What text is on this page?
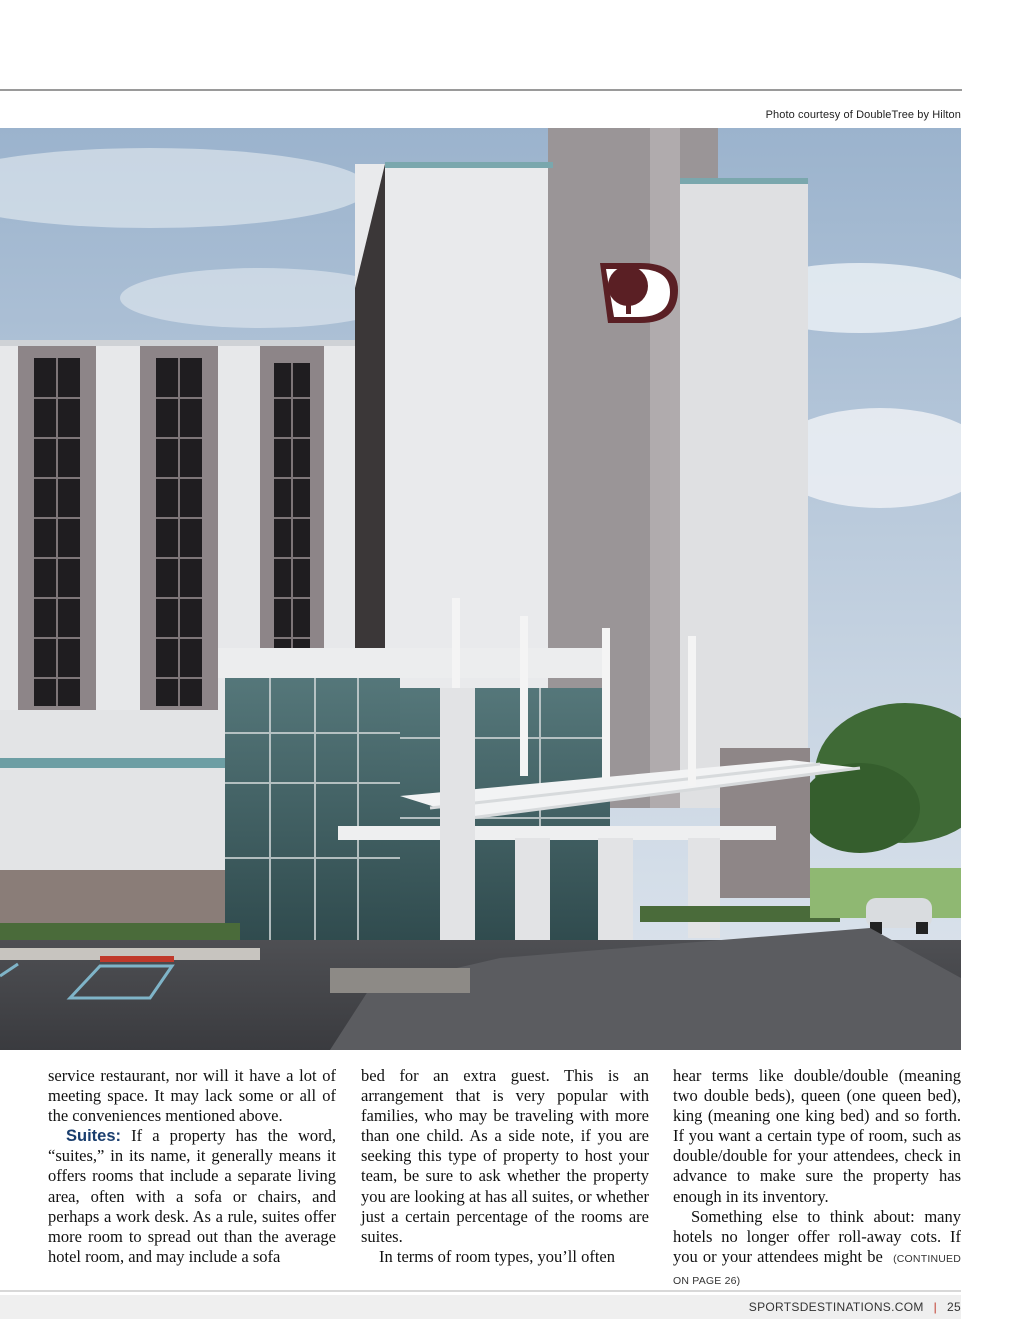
Photo courtesy of DoubleTree by Hilton

service restaurant, nor will it have a lot of meeting space. It may lack some or all of the conveniences mentioned above.

Suites: If a property has the word, “suites,” in its name, it generally means it offers rooms that include a separate living area, often with a sofa or chairs, and perhaps a work desk. As a rule, suites offer more room to spread out than the average hotel room, and may include a sofa

bed for an extra guest. This is an arrangement that is very popular with families, who may be traveling with more than one child. As a side note, if you are seeking this type of property to host your team, be sure to ask whether the property you are looking at has all suites, or whether just a certain percentage of the rooms are suites.

In terms of room types, you’ll often

hear terms like double/double (meaning two double beds), queen (one queen bed), king (meaning one king bed) and so forth. If you want a certain type of room, such as double/double for your attendees, check in advance to make sure the property has enough in its inventory.

Something else to think about: many hotels no longer offer roll-away cots. If you or your attendees might be (CONTINUED ON PAGE 26)

SPORTSDESTINATIONS.COM | 25
